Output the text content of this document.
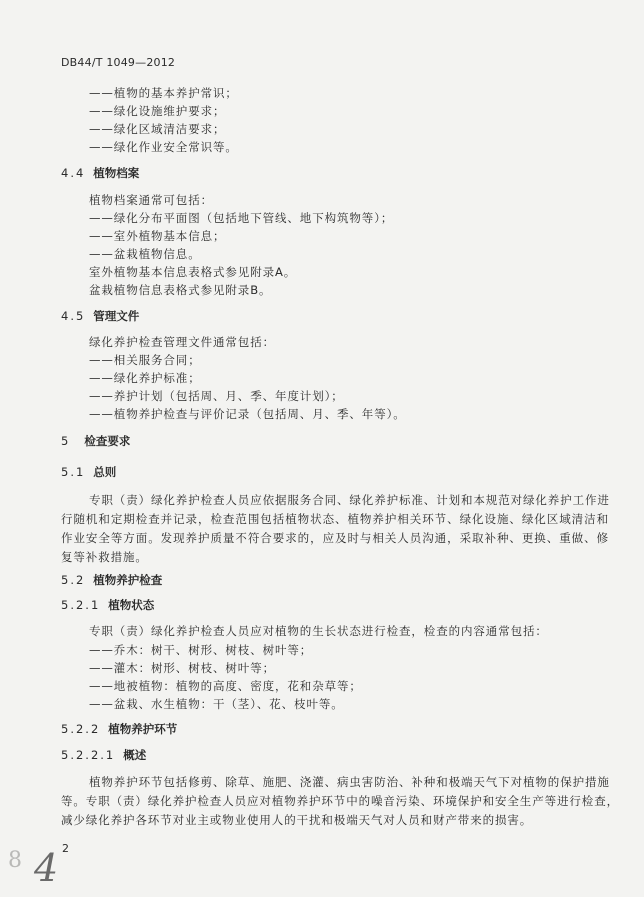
DB44/T 1049—2012
——植物的基本养护常识；
——绿化设施维护要求；
——绿化区域清洁要求；
——绿化作业安全常识等。
4.4 植物档案
植物档案通常可包括：
——绿化分布平面图（包括地下管线、地下构筑物等）；
——室外植物基本信息；
——盆栽植物信息。
室外植物基本信息表格式参见附录A。
盆栽植物信息表格式参见附录B。
4.5 管理文件
绿化养护检查管理文件通常包括：
——相关服务合同；
——绿化养护标准；
——养护计划（包括周、月、季、年度计划）；
——植物养护检查与评价记录（包括周、月、季、年等）。
5 检查要求
5.1 总则
专职（责）绿化养护检查人员应依据服务合同、绿化养护标准、计划和本规范对绿化养护工作进
行随机和定期检查并记录，检查范围包括植物状态、植物养护相关环节、绿化设施、绿化区域清洁和
作业安全等方面。发现养护质量不符合要求的，应及时与相关人员沟通，采取补种、更换、重做、修
复等补救措施。
5.2 植物养护检查
5.2.1 植物状态
专职（责）绿化养护检查人员应对植物的生长状态进行检查，检查的内容通常包括：
——乔木：树干、树形、树枝、树叶等；
——灌木：树形、树枝、树叶等；
——地被植物：植物的高度、密度，花和杂草等；
——盆栽、水生植物：干（茎）、花、枝叶等。
5.2.2 植物养护环节
5.2.2.1 概述
植物养护环节包括修剪、除草、施肥、浇灌、病虫害防治、补种和极端天气下对植物的保护措施
等。专职（责）绿化养护检查人员应对植物养护环节中的噪音污染、环境保护和安全生产等进行检查，
减少绿化养护各环节对业主或物业使用人的干扰和极端天气对人员和财产带来的损害。
2
8 4
